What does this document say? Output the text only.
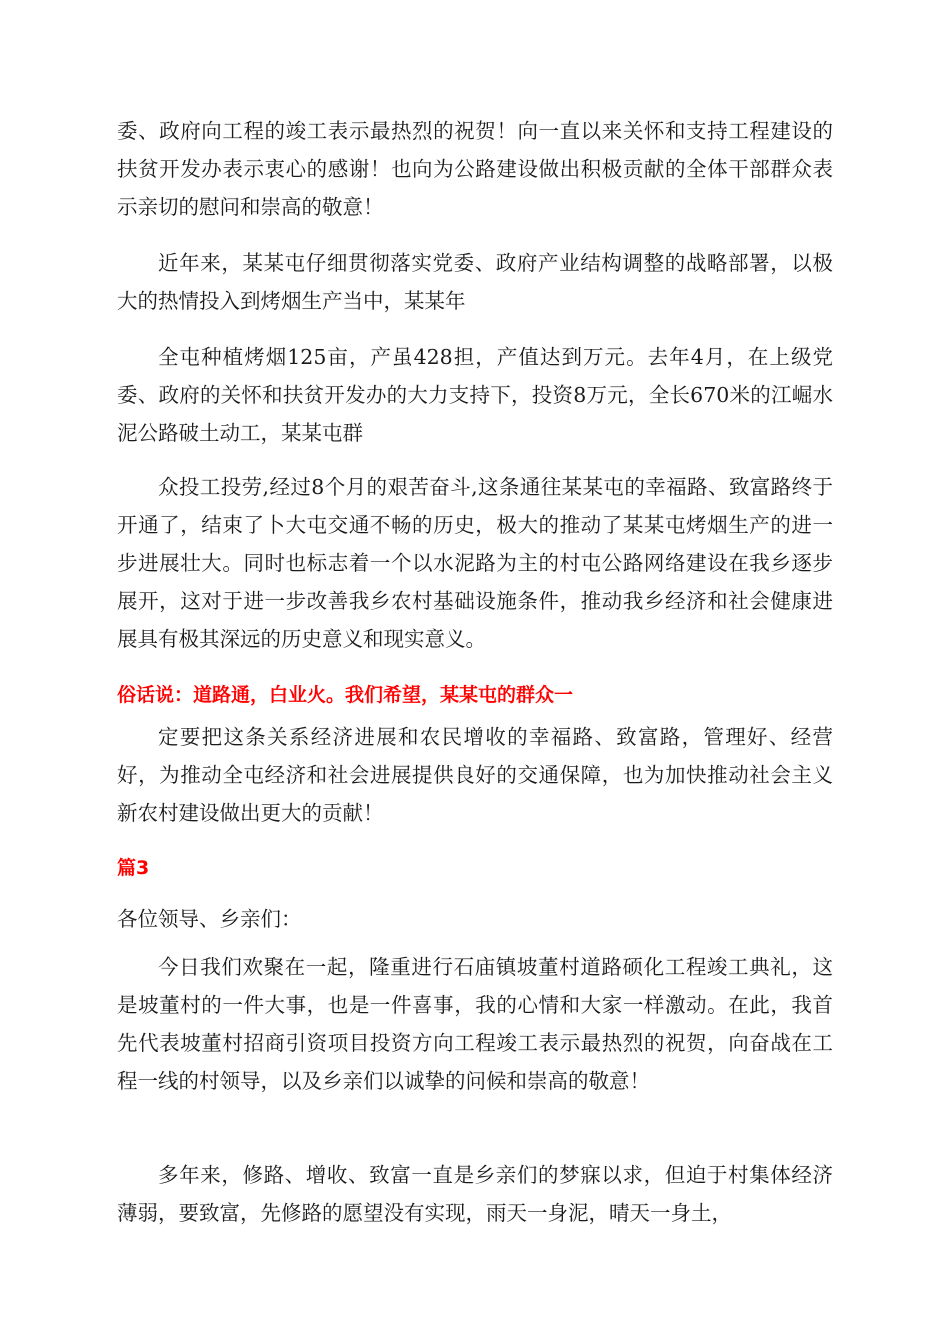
委、政府向工程的竣工表示最热烈的祝贺！向一直以来关怀和支持工程建设的扶贫开发办表示衷心的感谢！也向为公路建设做出积极贡献的全体干部群众表示亲切的慰问和崇高的敬意！

近年来，某某屯仔细贯彻落实党委、政府产业结构调整的战略部署，以极大的热情投入到烤烟生产当中，某某年

全屯种植烤烟125亩，产虽428担，产值达到万元。去年4月，在上级党委、政府的关怀和扶贫开发办的大力支持下，投资8万元，全长670米的江崛水泥公路破土动工，某某屯群

众投工投劳,经过8个月的艰苦奋斗,这条通往某某屯的幸福路、致富路终于开通了，结束了卜大屯交通不畅的历史，极大的推动了某某屯烤烟生产的进一步进展壮大。同时也标志着一个以水泥路为主的村屯公路网络建设在我乡逐步展开，这对于进一步改善我乡农村基础设施条件，推动我乡经济和社会健康进展具有极其深远的历史意义和现实意义。

俗话说：道路通，白业火。我们希望，某某屯的群众一

定要把这条关系经济进展和农民增收的幸福路、致富路，管理好、经营好，为推动全屯经济和社会进展提供良好的交通保障，也为加快推动社会主义新农村建设做出更大的贡献！

篇3

各位领导、乡亲们：

今日我们欢聚在一起，隆重进行石庙镇坡董村道路硕化工程竣工典礼，这是坡董村的一件大事，也是一件喜事，我的心情和大家一样激动。在此，我首先代表坡董村招商引资项目投资方向工程竣工表示最热烈的祝贺，向奋战在工程一线的村领导，以及乡亲们以诚挚的问候和崇高的敬意！

多年来，修路、增收、致富一直是乡亲们的梦寐以求，但迫于村集体经济薄弱，要致富，先修路的愿望没有实现，雨天一身泥，晴天一身土，
